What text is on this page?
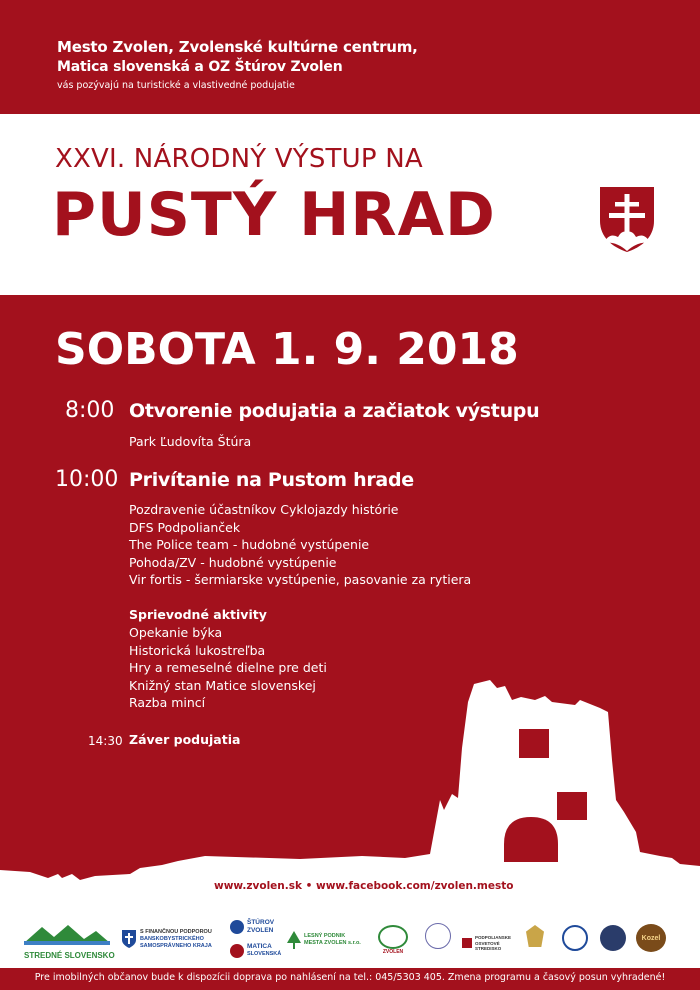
Mesto Zvolen, Zvolenské kultúrne centrum,
Matica slovenská a OZ Štúrov Zvolen
vás pozývajú na turistické a vlastivedné podujatie
XXVI. NÁRODNÝ VÝSTUP NA
PUSTÝ HRAD
SOBOTA 1. 9. 2018
8:00 Otvorenie podujatia a začiatok výstupu
Park Ľudovíta Štúra
10:00 Privítanie na Pustom hrade
Pozdravenie účastníkov Cyklojazdy histórie
DFS Podpolianček
The Police team - hudobné vystúpenie
Pohoda/ZV - hudobné vystúpenie
Vir fortis - šermiarske vystúpenie, pasovanie za rytiera
Sprievodné aktivity
Opekanie býka
Historická lukostreľba
Hry a remeselné dielne pre deti
Knižný stan Matice slovenskej
Razba mincí
14:30 Záver podujatia
www.zvolen.sk • www.facebook.com/zvolen.mesto
STREDNÉ SLOVENSKO
S FINANČNOU PODPOROU
BANSKOBYSTRICKÉHO
SAMOSPRÁVNEHO KRAJA
ŠTÚROV
ZVOLEN
MATICA
SLOVENSKÁ
LESNÝ PODNIK
MESTA ZVOLEN s.r.o.
ZVOLEN
PODPOLIANSKE
OSVETOVÉ
STREDISKO
Kozel
Pre imobilných občanov bude k dispozícii doprava po nahlásení na tel.: 045/5303 405. Zmena programu a časový posun vyhradené!
